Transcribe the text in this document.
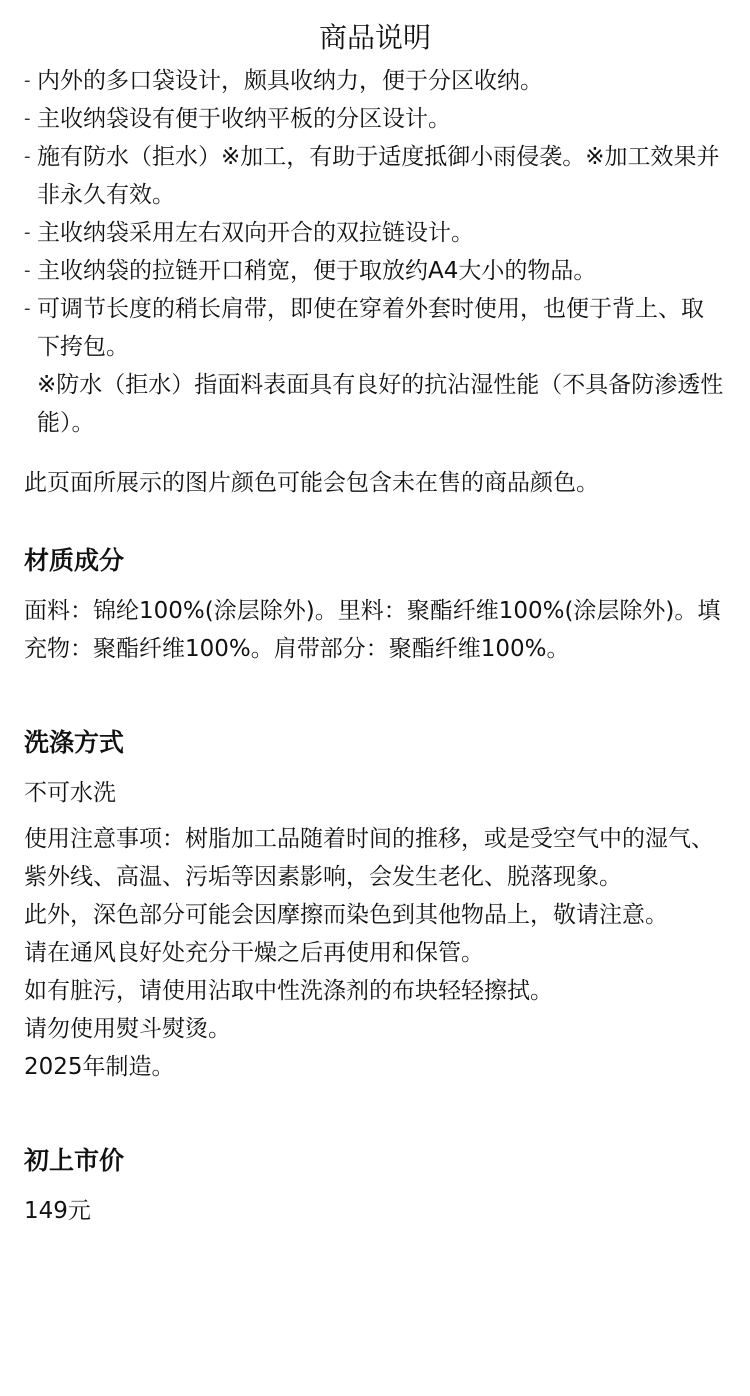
商品说明
- 内外的多口袋设计，颇具收纳力，便于分区收纳。
- 主收纳袋设有便于收纳平板的分区设计。
- 施有防水（拒水）※加工，有助于适度抵御小雨侵袭。※加工效果并非永久有效。
- 主收纳袋采用左右双向开合的双拉链设计。
- 主收纳袋的拉链开口稍宽，便于取放约A4大小的物品。
- 可调节长度的稍长肩带，即使在穿着外套时使用，也便于背上、取下挎包。

※防水（拒水）指面料表面具有良好的抗沾湿性能（不具备防渗透性能）。

此页面所展示的图片颜色可能会包含未在售的商品颜色。

材质成分

面料：锦纶100%(涂层除外)。里料：聚酯纤维100%(涂层除外)。填充物：聚酯纤维100%。肩带部分：聚酯纤维100%。

洗涤方式

不可水洗

使用注意事项：树脂加工品随着时间的推移，或是受空气中的湿气、紫外线、高温、污垢等因素影响，会发生老化、脱落现象。

此外，深色部分可能会因摩擦而染色到其他物品上，敬请注意。

请在通风良好处充分干燥之后再使用和保管。

如有脏污，请使用沾取中性洗涤剂的布块轻轻擦拭。

请勿使用熨斗熨烫。

2025年制造。

初上市价

149元
